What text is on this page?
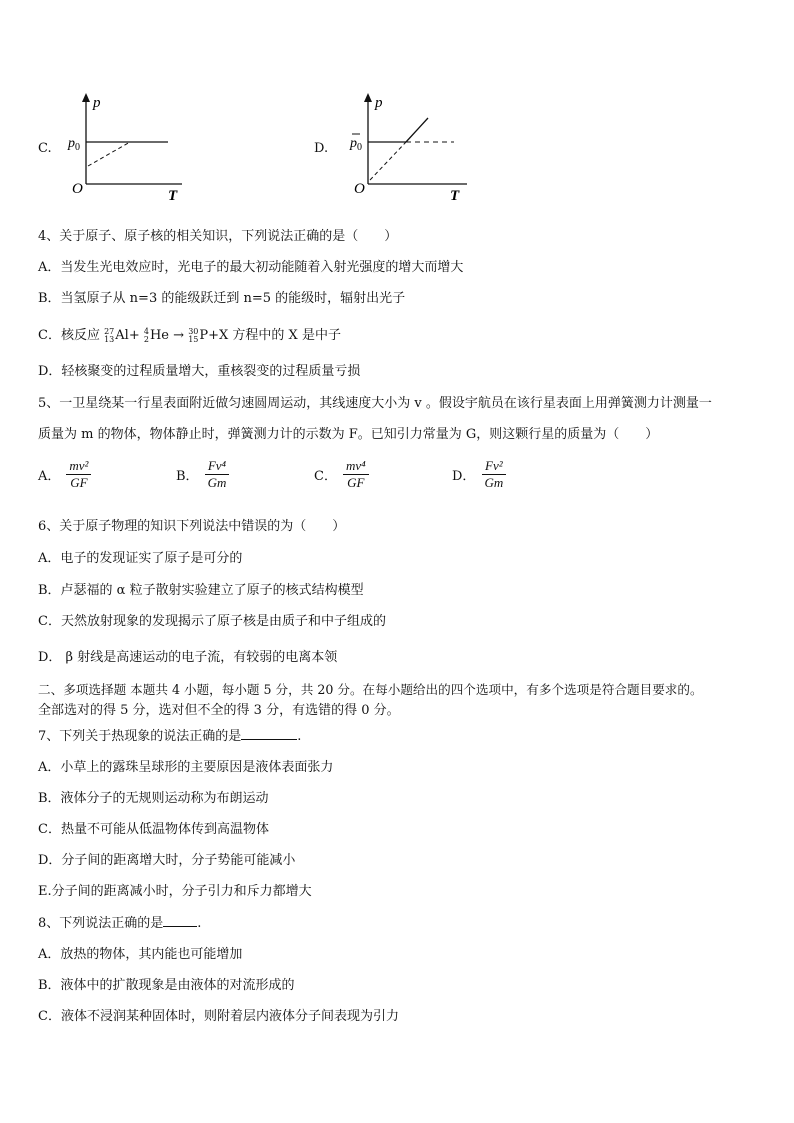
C.
p
$p_0$
O	T
D.
p
$p_0$
O	T
4、关于原子、原子核的相关知识，下列说法正确的是（　　）
A．当发生光电效应时，光电子的最大初动能随着入射光强度的增大而增大
B．当氢原子从 n=3 的能级跃迁到 n=5 的能级时，辐射出光子
C．核反应 27
13 Al+ 4
2 He → 30
15 P+X 方程中的 X 是中子
D．轻核聚变的过程质量增大，重核裂变的过程质量亏损
5、一卫星绕某一行星表面附近做匀速圆周运动，其线速度大小为 v 。假设宇航员在该行星表面上用弹簧测力计测量一
质量为 m 的物体，物体静止时，弹簧测力计的示数为 F。已知引力常量为 G，则这颗行星的质量为（　　）
A． $\frac{\text{mv²}}{GF}$	B． $\frac{\text{Fv⁴}}{Gm}$	C． $\frac{\text{mv⁴}}{GF}$	D． $\frac{\text{Fv²}}{Gm}$
6、关于原子物理的知识下列说法中错误的为（　　）
A．电子的发现证实了原子是可分的
B．卢瑟福的 α 粒子散射实验建立了原子的核式结构模型
C．天然放射现象的发现揭示了原子核是由质子和中子组成的
D． β 射线是高速运动的电子流，有较弱的电离本领
二、多项选择题 本题共 4 小题，每小题 5 分，共 20 分。在每小题给出的四个选项中，有多个选项是符合题目要求的。
全部选对的得 5 分，选对但不全的得 3 分，有选错的得 0 分。
7、下列关于热现象的说法正确的是	.
A．小草上的露珠呈球形的主要原因是液体表面张力
B．液体分子的无规则运动称为布朗运动
C．热量不可能从低温物体传到高温物体
D．分子间的距离增大时，分子势能可能减小
E.分子间的距离减小时，分子引力和斥力都增大
8、下列说法正确的是	.
A．放热的物体，其内能也可能增加
B．液体中的扩散现象是由液体的对流形成的
C．液体不浸润某种固体时，则附着层内液体分子间表现为引力
